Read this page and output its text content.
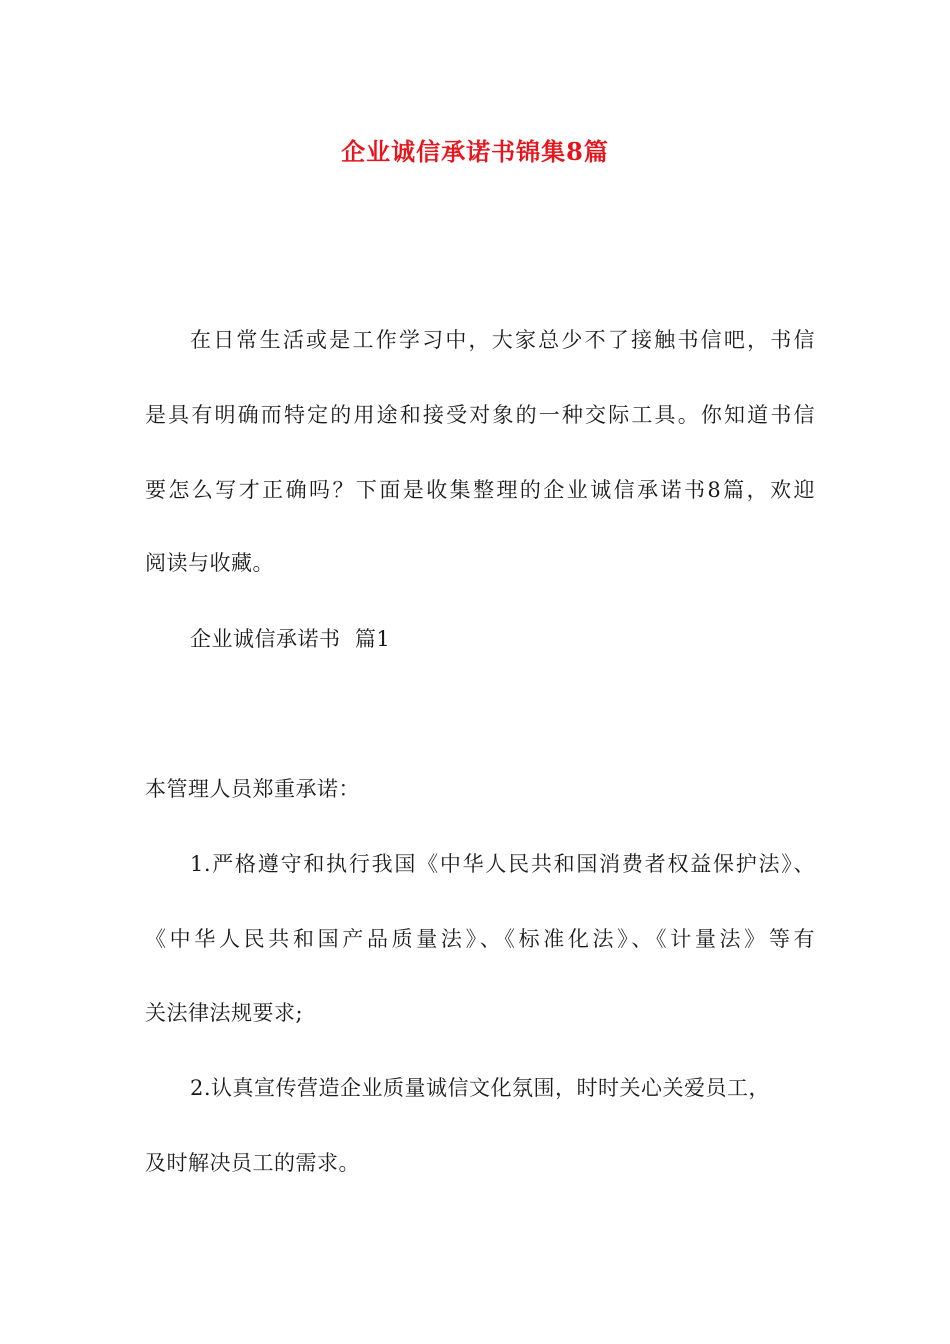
企业诚信承诺书锦集8篇
在日常生活或是工作学习中，大家总少不了接触书信吧，书信
是具有明确而特定的用途和接受对象的一种交际工具。你知道书信
要怎么写才正确吗？下面是收集整理的企业诚信承诺书8篇，欢迎
阅读与收藏。
企业诚信承诺书  篇1
本管理人员郑重承诺：
1.严格遵守和执行我国《中华人民共和国消费者权益保护法》、
《中华人民共和国产品质量法》、《标准化法》、《计量法》等有
关法律法规要求;
2.认真宣传营造企业质量诚信文化氛围，时时关心关爱员工，
及时解决员工的需求。
